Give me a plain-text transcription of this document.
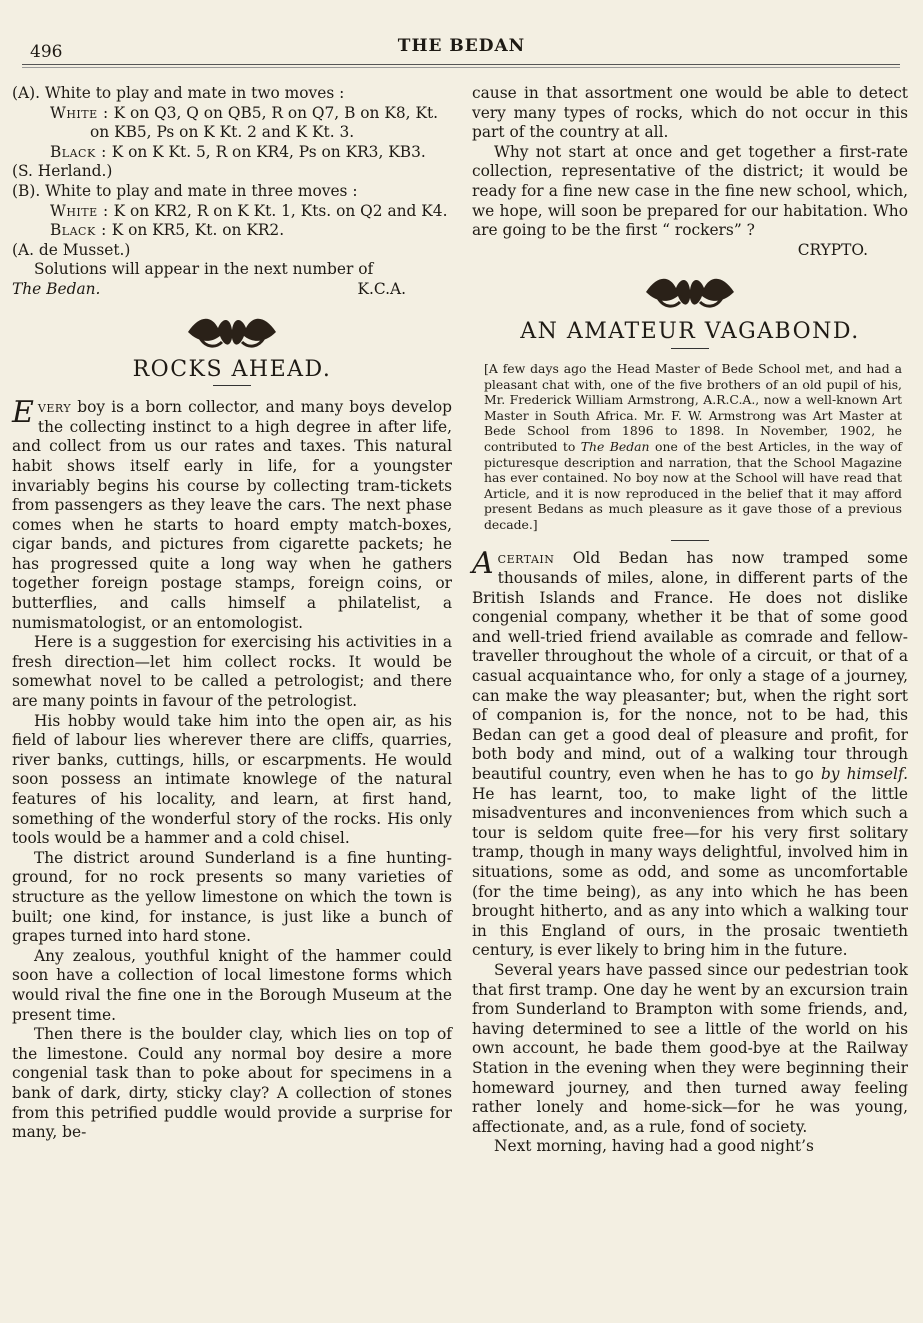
496	THE BEDAN

(A). White to play and mate in two moves :

White : K on Q3, Q on QB5, R on Q7, B on K8, Kt. on KB5, Ps on K Kt. 2 and K Kt. 3.

Black : K on K Kt. 5, R on KR4, Ps on KR3, KB3.

(S. Herland.)

(B). White to play and mate in three moves :

White : K on KR2, R on K Kt. 1, Kts. on Q2 and K4.

Black : K on KR5, Kt. on KR2.

(A. de Musset.)

Solutions will appear in the next number of

The Bedan.	K.C.A.

ROCKS AHEAD.

Every boy is a born collector, and many boys develop the collecting instinct to a high degree in after life, and collect from us our rates and taxes. This natural habit shows itself early in life, for a youngster invariably begins his course by collecting tram-tickets from passengers as they leave the cars. The next phase comes when he starts to hoard empty match-boxes, cigar bands, and pictures from cigarette packets; he has progressed quite a long way when he gathers together foreign postage stamps, foreign coins, or butterflies, and calls himself a philatelist, a numismatologist, or an entomologist.

Here is a suggestion for exercising his activities in a fresh direction—let him collect rocks. It would be somewhat novel to be called a petrologist; and there are many points in favour of the petrologist.

His hobby would take him into the open air, as his field of labour lies wherever there are cliffs, quarries, river banks, cuttings, hills, or escarpments. He would soon possess an intimate knowlege of the natural features of his locality, and learn, at first hand, something of the wonderful story of the rocks. His only tools would be a hammer and a cold chisel.

The district around Sunderland is a fine hunting-ground, for no rock presents so many varieties of structure as the yellow limestone on which the town is built; one kind, for instance, is just like a bunch of grapes turned into hard stone.

Any zealous, youthful knight of the hammer could soon have a collection of local limestone forms which would rival the fine one in the Borough Museum at the present time.

Then there is the boulder clay, which lies on top of the limestone. Could any normal boy desire a more congenial task than to poke about for specimens in a bank of dark, dirty, sticky clay? A collection of stones from this petrified puddle would provide a surprise for many, be-

cause in that assortment one would be able to detect very many types of rocks, which do not occur in this part of the country at all.

Why not start at once and get together a first-rate collection, representative of the district; it would be ready for a fine new case in the fine new school, which, we hope, will soon be prepared for our habitation. Who are going to be the first “ rockers” ?

CRYPTO.
AN AMATEUR VAGABOND.
[A few days ago the Head Master of Bede School met, and had a pleasant chat with, one of the five brothers of an old pupil of his, Mr. Frederick William Armstrong, A.R.C.A., now a well-known Art Master in South Africa. Mr. F. W. Armstrong was Art Master at Bede School from 1896 to 1898. In November, 1902, he contributed to The Bedan one of the best Articles, in the way of picturesque description and narration, that the School Magazine has ever contained. No boy now at the School will have read that Article, and it is now reproduced in the belief that it may afford present Bedans as much pleasure as it gave those of a previous decade.]

Acertain Old Bedan has now tramped some thousands of miles, alone, in different parts of the British Islands and France. He does not dislike congenial company, whether it be that of some good and well-tried friend available as comrade and fellow-traveller throughout the whole of a circuit, or that of a casual acquaintance who, for only a stage of a journey, can make the way pleasanter; but, when the right sort of companion is, for the nonce, not to be had, this Bedan can get a good deal of pleasure and profit, for both body and mind, out of a walking tour through beautiful country, even when he has to go by himself. He has learnt, too, to make light of the little misadventures and inconveniences from which such a tour is seldom quite free—for his very first solitary tramp, though in many ways delightful, involved him in situations, some as odd, and some as uncomfortable (for the time being), as any into which he has been brought hitherto, and as any into which a walking tour in this England of ours, in the prosaic twentieth century, is ever likely to bring him in the future.

Several years have passed since our pedestrian took that first tramp. One day he went by an excursion train from Sunderland to Brampton with some friends, and, having determined to see a little of the world on his own account, he bade them good-bye at the Railway Station in the evening when they were beginning their homeward journey, and then turned away feeling rather lonely and home-sick—for he was young, affectionate, and, as a rule, fond of society.

Next morning, having had a good night’s
